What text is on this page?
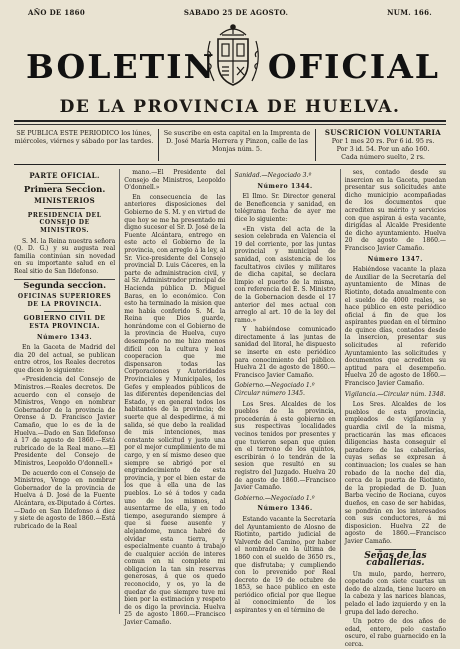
AÑO DE 1860	SABADO 25 DE AGOSTO.	NUM. 166.
BOLETIN OFICIAL
DE LA PROVINCIA DE HUELVA.
SE PUBLICA ESTE PERIODICO los lúnes, miércoles, viérnes y sábado por las tardes.
Se suscribe en esta capital en la Imprenta de D. José María Herrera y Pinzon, calle de las Monjas núm. 5.
SUSCRICION VOLUNTARIA
Por 1 mes 20 rs. Por 6 id. 95 rs.
Por 3 id. 54. Por un año 160.
Cada número suelto, 2 rs.
PARTE OFICIAL.
Primera Seccion.
MINISTERIOS
PRESIDENCIA DEL CONSEJO DE MINISTROS.

S. M. la Reina nuestra señora (Q. D. G.) y su augusta real familia continúan sin novedad en su importante salud en el Real sitio de San Ildefonso.

Segunda seccion.
OFICINAS SUPERIORES DE LA PROVINCIA.
GOBIERNO CIVIL DE ESTA PROVINCIA.
Número 1343.

En la Gaceta de Madrid del dia 20 del actual, se publican entre otros, los Reales decretos que dicen lo siguiente:

«Presidencia del Consejo de Ministros.—Reales decretos. De acuerdo con el consejo de Ministros, Vengo en nombrar Gobernador de la provincia de Orense á D. Francisco Javier Camaño, que lo es de la de Huelva.—Dado en San Ildefonso á 17 de agosto de 1860.—Está rubricado de la Real mano.—El Presidente del Consejo de Ministros, Leopoldo O'donnell.»

De acuerdo con el Consejo de Ministros, Vengo en nombrar Gobernador de la provincia de Huelva á D. José de la Fuente Alcántara, ex-Diputado á Córtes.—Dado en San Ildefonso á diez y siete de agosto de 1860.—Está rubricado de la Real

mano.—El Presidente del Consejo de Ministros, Leopoldo O'donnell.»

En consecuencia de las anteriores disposiciones del Gobierno de S. M. y en virtud de que hoy se me ha presentado mi digno sucesor el Sr. D. José de la Fuente Alcántara, entrego en este acto el Gobierno de la provincia, con arreglo á la ley, al Sr. Vice-presidente del Consejo provincial D. Luis Cáceres, en la parte de administracion civil, y al Sr. Administrador principal de Hacienda pública D. Miguel Baras, en lo económico. Con esto ha terminado la mision que me había conferido S. M. la Reina que Dios guarde, honrándome con el Gobierno de la provincia de Huelva, cuyo desempeño no me hizo menos difícil con la cultura y leal cooperacion que me dispensaron todas las Corporaciones y Autoridades Provinciales y Municipales, los Gefes y empleados públicos de las diferentes dependencias del Estado, y en general todos los habitantes de la provincia; de suerte que al despedirme, á mi salida, sé que debo la realidad de mis intenciones, mas constante solicitud y justo una por el mejor cumplimiento de mi cargo, y en sí mismo deseo que siempre se abrigó por el engrandecimiento de esta provincia, y por el bien estar de los que á ella una de las pueblos. Lo sé á todos y cada uno de los mismos, al ausentarme de ella, y en todo tiempo, asegurando siempre á que si fuese ausente y alejandome, nunca habré de olvidar esta tierra, y especialmente cuanto á trabajo de cualquier acción de interes comun en ni complete mi obligacion la tan sin reservas generosas, á que os quedo reconocido, y os, yo la de quedar de que siempre tuve mi bien por la estimacion y respeto de os digo la provincia. Huelva 25 de agosto 1860.—Francisco Javier Camaño.

Sanidad.—Negociado 3.º
Número 1344.

El Ilmo. Sr. Director general de Beneficencia y sanidad, en telégrama fecha de ayer me dice lo siguiente:

«En vista del acta de la sesion celebrada en Valencia el 19 del corriente, por las juntas provincial y municipal de sanidad, con asistencia de los facultativos civiles y militares de dicha capital, se declara limpio el puerto de la misma, con referencia del E. S. Ministro de la Gobernacion desde el 17 anterior del mes actual con arreglo al art. 10 de la ley del ramo.»

Y habiéndose comunicado directamente á las juntas de sanidad del litoral, he dispuesto se inserte en este periódico para conocimiento del público. Huelva 21 de agosto de 1860.—Francisco Javier Camaño.

Gobierno.—Negociado 1.º Circular número 1345.

Los Sres. Alcaldes de los pueblos de la provincia, procederán á este gobierno en sus respectivas localidades vecinos tenidos por presentes y que tuvieron sepan que quien en el terreno de los quintos, escribirán ó lo tendrán de la sesion que resultó en su registro del Juzgado. Huelva 20 de agosto de 1860.—Francisco Javier Camaño.

Gobierno.—Negociado 1.º
Número 1346.

Estando vacante la Secretaría del Ayuntamiento de Alosno de Riotinto, partido judicial de Valverde del Camino, por haber el nombrado en la última de 1860 con el sueldo de 3650 rs., que disfrutaba; y cumpliendo con lo prevenido por Real decreto de 19 de octubre de 1853, se hace público en este periódico oficial por que llegue al conocimiento de los aspirantes y en el término de

ses, contado desde su insercion en la Gaceta, puedan presentar sus solicitudes ante dicho municipio acompañadas de los documentos que acrediten su mérito y servicios con que aspiran á esta vacante, dirigidas al Alcalde Presidente de dicho ayuntamiento. Huelva 20 de agosto de 1860.—Francisco Javier Camaño.

Número 1347.

Habiéndose vacante la plaza de Auxiliar de la Secretaría del ayuntamiento de Minas de Riotinto, dotada anualmente con el sueldo de 4000 reales, se hace público en este periódico oficial á fin de que los aspirantes puedan en el término de quince días, contados desde la insercion, presentar sus solicitudes al referido Ayuntamiento las solicitudes y documentos que acrediten su aptitud para el desempeño. Huelva 20 de agosto de 1860.—Francisco Javier Camaño.

Vigilancia.—Circular núm. 1348.

Los Sres. Alcaldes de los pueblos de esta provincia, empleados de vigilancia y guardia civil de la misma, practicarán las mas eficaces diligencias hasta conseguir el paradero de las caballerías, cuyas señas se expresan á continuacion; los cuales se han robado de la noche del dia, cerca de la puerta de Riotinto, de la propiedad de D. Juan Barba vecino de Rociana, cuyos dueños, en caso de ser habidas, se pondrán en los interesados con sus conductores, á mi disposicion. Huelva 22 de agosto de 1860.—Francisco Javier Camaño.

Señas de las caballerías.

Un mulo, pardo, herrero, copetado con siete cuartas un dedo de alzada, tiene lucero en la cabeza y las narices blancas, pelado el lado izquierdo y en la grupa del lado derecho.

Un potro de dos años de edad, entero, pelo castaño oscuro, el rabo guarnecido en la cerca.
